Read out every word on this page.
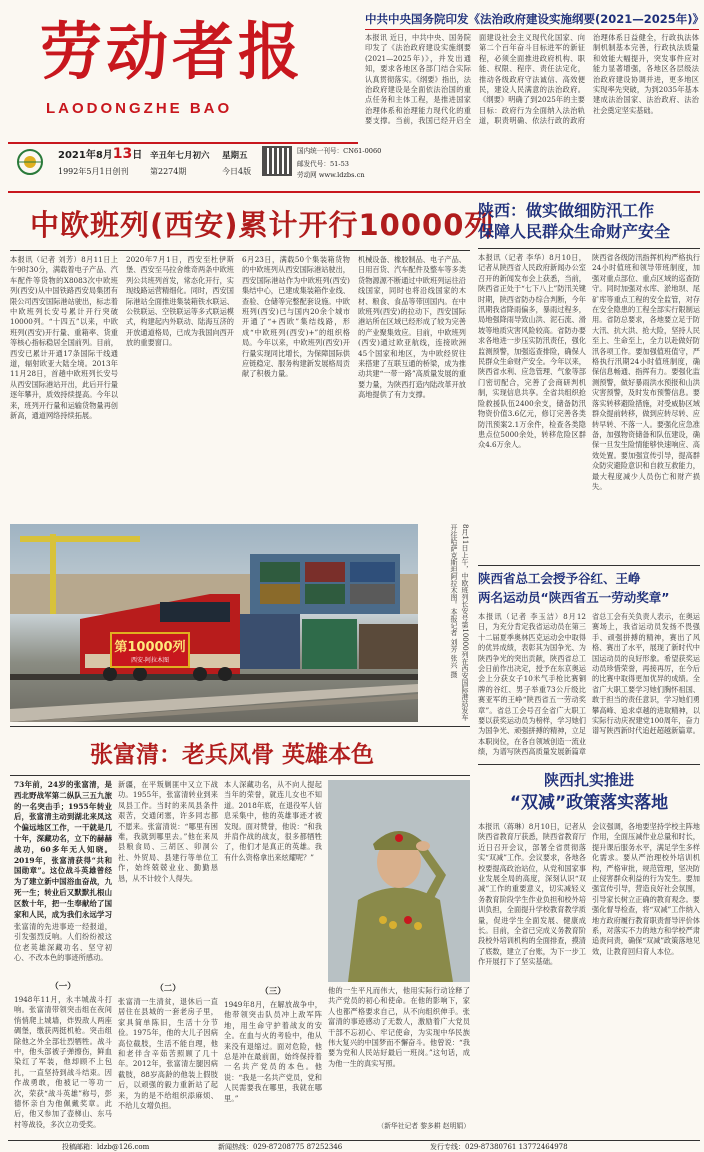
劳动者报
LAODONGZHE BAO
中共中央国务院印发《法治政府建设实施纲要(2021—2025年)》
本报讯 近日，中共中央、国务院印发了《法治政府建设实施纲要(2021—2025年)》，并发出通知，要求各地区各部门结合实际认真贯彻落实。《纲要》指出，法治政府建设是全面依法治国的重点任务和主体工程，是推进国家治理体系和治理能力现代化的重要支撑。当前，我国已经开启全面建设社会主义现代化国家、向第二个百年奋斗目标进军的新征程，必须全面推进政府机构、职能、权限、程序、责任法定化，推动各级政府守法诚信、高效便民，建设人民满意的法治政府。《纲要》明确了到2025年的主要目标：政府行为全面纳入法治轨道，职责明确、依法行政的政府治理体系日益健全，行政执法体制机制基本完善，行政执法质量和效能大幅提升，突发事件应对能力显著增强，各地区各层级法治政府建设协调并进，更多地区实现率先突破，为到2035年基本建成法治国家、法治政府、法治社会奠定坚实基础。
2021年8月13日 辛丑年七月初六 星期五
1992年5月1日创刊	第2274期	今日4版
国内统一刊号：CN61-0060
邮发代号：51-53
劳动网 www.ldzbs.cn
中欧班列(西安)累计开行10000列
本报讯（记者 刘芳）8月11日上午9时30分，满载着电子产品、汽车配件等货物的X8083次中欧班列(西安)从中国铁路西安局集团有限公司西安国际港站驶出，标志着中欧班列长安号累计开行突破10000列。“十四五”以来，中欧班列(西安)开行量、重箱率、货重等核心指标稳居全国前列。目前，西安已累计开通17条国际干线通道，辐射欧亚大陆全境。2013年11月28日，首趟中欧班列长安号从西安国际港站开出，此后开行量逐年攀升，质效持续提高。今年以来，班列开行量和运输货物量再创新高，通道网络持续拓展。
2020年7月1日，西安至杜伊斯堡、西安至马拉舍维奇两条中欧班列公共班列首发，常态化开行，实现线路运营精细化。同时，西安国际港站全面推进集装箱铁水联运、公铁联运、空铁联运等多式联运模式，构建起内外联动、陆海互济的开放通道格局，已成为我国向西开放的重要窗口。
6月23日，满载50个集装箱货物的中欧班列从西安国际港站驶出，西安国际港站作为中欧班列(西安)集结中心，已建成集装箱作业线、查验、仓储等完整配套设施。中欧班列(西安)已与国内20余个城市开通了“+西欧”集结线路，形成“中欧班列(西安)+”的组织格局。今年以来，中欧班列(西安)开行量实现同比增长，为保障国际供应链稳定、服务构建新发展格局贡献了积极力量。
机械设备、橡胶制品、电子产品、日用百货、汽车配件及整车等多类货物源源不断通过中欧班列运往沿线国家，同时也将沿线国家的木材、粮食、食品等带回国内。在中欧班列(西安)的拉动下，西安国际港站所在区域已经形成了较为完善的产业聚集效应。目前，中欧班列(西安)通过欧亚航线，连接欧洲45个国家和地区，为中欧经贸往来搭建了互联互通的桥梁，成为推动共建“一带一路”高质量发展的重要力量，为陕西打造内陆改革开放高地提供了有力支撑。
第10000列
西安-阿拉木图	8月11日上午，中欧班列长安号第10000列在西安国际港站发车开往哈萨克斯坦阿拉木图。本报记者 刘芳 张兴 摄
陕西：做实做细防汛工作
保障人民群众生命财产安全
本报讯（记者 李华）8月10日，记者从陕西省人民政府新闻办公室召开的新闻发布会上获悉，当前，陕西省正处于“七下八上”防汛关键时期，陕西省防办综合判断，今年汛期我省降雨偏多，暴雨过程多，局地强降雨导致山洪、泥石流、滑坡等地质灾害风险较高。省防办要求各地进一步压实防汛责任，强化监测预警，加强巡查排险，确保人民群众生命财产安全。今年以来，陕西省水利、应急管理、气象等部门密切配合，完善了会商研判机制，实现信息共享。全省共组织抢险救援队伍2400余支，储备防汛物资价值3.6亿元，修订完善各类防汛预案2.1万余件，检查各类隐患点位5000余处，转移危险区群众4.6万余人。
陕西省各级防汛指挥机构严格执行24小时值班和领导带班制度，加强对重点部位、重点区域的巡查防守。同时加强对水库、淤地坝、尾矿库等重点工程的安全监管，对存在安全隐患的工程全部实行限制运用。省防总要求，各地要立足于防大汛、抗大洪、抢大险，坚持人民至上、生命至上，全力以赴做好防汛各项工作。要加强值班值守，严格执行汛期24小时值班制度，确保信息畅通、指挥有力。要强化监测预警，做好暴雨洪水预报和山洪灾害预警，及时发布预警信息。要落实转移避险措施，对受威胁区域群众提前转移，做到应转尽转、应转早转、不落一人。要强化应急准备，加强物资储备和队伍建设，确保一旦发生险情能够快速响应、高效处置。要加强宣传引导，提高群众防灾避险意识和自救互救能力，最大程度减少人员伤亡和财产损失。
陕西省总工会授予谷红、王峥
两名运动员“陕西省五一劳动奖章”
本报讯（记者 李玉洁）8月12日，为充分肯定我省运动员在第三十二届夏季奥林匹克运动会中取得的优异成绩，表彰其为国争光、为陕西争光的突出贡献，陕西省总工会日前作出决定，授予在东京奥运会上分获女子10米气手枪比赛铜牌的谷红、男子举重73公斤级比赛亚军的王峥“陕西省五一劳动奖章”。省总工会号召全省广大职工要以获奖运动员为榜样，学习她们为国争光、顽强拼搏的精神，立足本职岗位，在各自领域创造一流业绩，为谱写陕西高质量发展新篇章
省总工会有关负责人表示，在奥运赛场上，我省运动员发扬不畏强手、顽强拼搏的精神，赛出了风格、赛出了水平，展现了新时代中国运动员的良好形象。希望获奖运动员珍惜荣誉，再接再厉，在今后的比赛中取得更加优异的成绩。全省广大职工要学习她们胸怀祖国、敢于担当的责任意识，学习她们勇攀高峰、追求卓越的进取精神，以实际行动庆祝建党100周年，奋力谱写陕西新时代追赶超越新篇章。
张富清：老兵风骨 英雄本色
73年前，24岁的张富清，是西北野战军第二纵队三五九旅的一名突击手；1955年转业后，张富清主动到湖北来凤这个偏远地区工作，一干就是几十年，深藏功名，立下的赫赫战功，60多年无人知晓。2019年，张富清获得“共和国勋章”。这位战斗英雄曾经为了建立新中国浴血奋战，九死一生；转业后又默默扎根山区数十年，把一生奉献给了国家和人民，成为我们永远学习
张富清的先进事迹一经报道，引发强烈反响。人们纷纷被这位老英雄深藏功名、坚守初心、不改本色的事迹所感动。
（一）
1948年11月，永丰城战斗打响。张富清带领突击组在夜间悄悄爬上城墙，炸毁敌人两座碉堡，缴获两挺机枪。突击组除他之外全部壮烈牺牲。战斗中，他头部被子弹擦伤，鲜血染红了军装，他却顾不上包扎，一直坚持到战斗结束。因作战勇敢，他被记一等功一次，荣获“战斗英雄”称号，彭德怀亲自为他佩戴奖章。此后，他又参加了壶梯山、东马村等战役，多次立功受奖。
新疆，在平叛剿匪中又立下战功。1955年，张富清转业到来凤县工作。当时的来凤县条件艰苦，交通闭塞，许多同志都不愿来。张富清说：“哪里有困难，我就到哪里去。”他在来凤县粮食局、三胡区、卯洞公社、外贸局、县建行等单位工作，始终兢兢业业、勤勤恳恳，从不计较个人得失。
（二）
张富清一生清贫，退休后一直居住在县城的一套老房子里，家具简单陈旧，生活十分节俭。1975年，他的大儿子因病高位截肢，生活不能自理，他和老伴含辛茹苦照顾了几十年。2012年，张富清左腿因病截肢，88岁高龄的他装上假肢后，以顽强的毅力重新站了起来，为的是不给组织添麻烦、不给儿女增负担。
本人深藏功名，从不向人提起当年的荣誉，就连儿女也不知道。2018年底，在退役军人信息采集中，他的英雄事迹才被发现。面对赞誉，他说：“和我并肩作战的战友，很多都牺牲了，他们才是真正的英雄。我有什么资格拿出来炫耀呢？”
（三）
1949年8月，在解放战争中，他带领突击队员冲上敌军阵地，用生命守护着战友的安全。在血与火的考验中，他从来没有退缩过。面对危险，他总是冲在最前面，始终保持着一名共产党员的本色。他说：“我是一名共产党员，党和人民需要我在哪里，我就在哪里。”
他的一生平凡而伟大，他用实际行动诠释了共产党员的初心和使命。在他的影响下，家人也都严格要求自己，从不向组织伸手。张富清的事迹感动了无数人，激励着广大党员干部不忘初心、牢记使命，为实现中华民族伟大复兴的中国梦而不懈奋斗。他曾说：“我要为党和人民站好最后一班岗。”这句话，成为他一生的真实写照。
（新华社记者 黎多耕 赵明娟）
陕西扎实推进
“双减”政策落实落地
本报讯（蒋琳）8月10日，记者从陕西省教育厅获悉，陕西省教育厅近日召开会议，部署全省贯彻落实“双减”工作。会议要求，各地各校要提高政治站位，从党和国家事业发展全局的高度，深刻认识“双减”工作的重要意义，切实减轻义务教育阶段学生作业负担和校外培训负担，全面提升学校教育教学质量，促进学生全面发展、健康成长。目前，全省已完成义务教育阶段校外培训机构的全面排查，摸清了底数，建立了台账，为下一步工作开展打下了坚实基础。
会议强调，各地要坚持学校主阵地作用，全面压减作业总量和时长，提升课后服务水平，满足学生多样化需求。要从严治理校外培训机构，严格审批，规范管理，坚决防止侵害群众利益的行为发生。要加强宣传引导，营造良好社会氛围，引导家长树立正确的教育观念。要强化督导检查，将“双减”工作纳入地方政府履行教育职责督导评价体系，对落实不力的地方和学校严肃追责问责，确保“双减”政策落地见效，让教育回归育人本位。
投稿邮箱：ldzb@126.com	新闻热线：029-87208775 87252346	发行专线：029-87380761 13772464978
